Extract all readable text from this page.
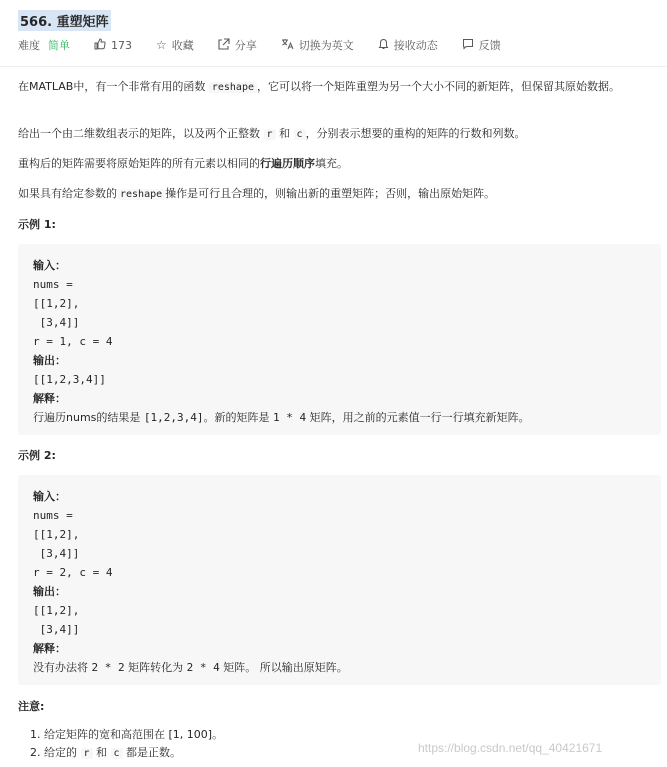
566. 重塑矩阵
难度 简单	173 ☆ 收藏	分享	切换为英文	接收动态	反馈
在MATLAB中，有一个非常有用的函数 reshape ，它可以将一个矩阵重塑为另一个大小不同的新矩阵，但保留其原始数据。
给出一个由二维数组表示的矩阵，以及两个正整数 r 和 c ，分别表示想要的重构的矩阵的行数和列数。
重构后的矩阵需要将原始矩阵的所有元素以相同的行遍历顺序填充。
如果具有给定参数的 reshape 操作是可行且合理的，则输出新的重塑矩阵；否则，输出原始矩阵。
示例 1:
输入：
nums =
[[1,2],
[3,4]]
r = 1, c = 4
输出：
[[1,2,3,4]]
解释：
行遍历nums的结果是 [1,2,3,4]。新的矩阵是 1 * 4 矩阵，用之前的元素值一行一行填充新矩阵。
示例 2:
输入：
nums =
[[1,2],
[3,4]]
r = 2, c = 4
输出：
[[1,2],
[3,4]]
解释：
没有办法将 2 * 2 矩阵转化为 2 * 4 矩阵。 所以输出原矩阵。
注意:
1. 给定矩阵的宽和高范围在 [1, 100]。
2. 给定的 r 和 c 都是正数。	https://blog.csdn.net/qq_40421671
